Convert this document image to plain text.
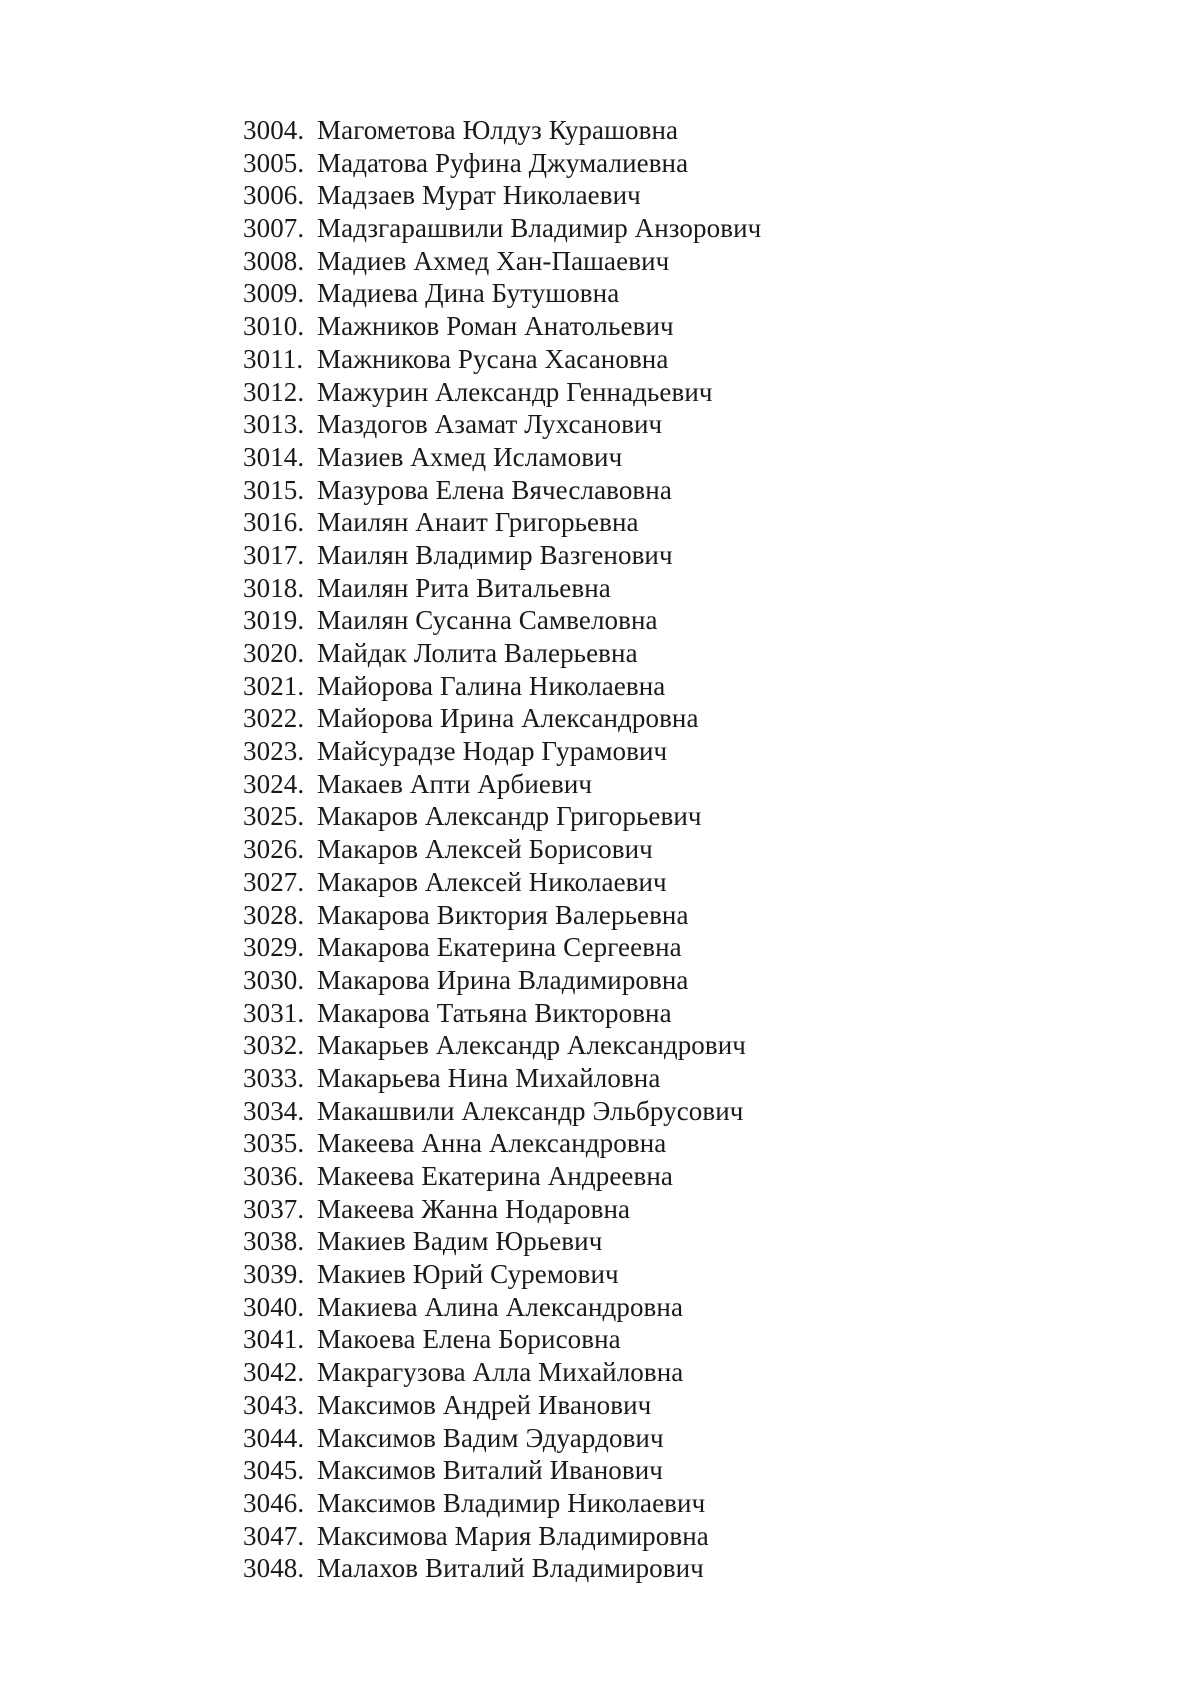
3004. Магометова Юлдуз Курашовна
3005. Мадатова Руфина Джумалиевна
3006. Мадзаев Мурат Николаевич
3007. Мадзгарашвили Владимир Анзорович
3008. Мадиев Ахмед Хан-Пашаевич
3009. Мадиева Дина Бутушовна
3010. Мажников Роман Анатольевич
3011. Мажникова Русана Хасановна
3012. Мажурин Александр Геннадьевич
3013. Маздогов Азамат Лухсанович
3014. Мазиев Ахмед Исламович
3015. Мазурова Елена Вячеславовна
3016. Маилян Анаит Григорьевна
3017. Маилян Владимир Вазгенович
3018. Маилян Рита Витальевна
3019. Маилян Сусанна Самвеловна
3020. Майдак Лолита Валерьевна
3021. Майорова Галина Николаевна
3022. Майорова Ирина Александровна
3023. Майсурадзе Нодар Гурамович
3024. Макаев Апти Арбиевич
3025. Макаров Александр Григорьевич
3026. Макаров Алексей Борисович
3027. Макаров Алексей Николаевич
3028. Макарова Виктория Валерьевна
3029. Макарова Екатерина Сергеевна
3030. Макарова Ирина Владимировна
3031. Макарова Татьяна Викторовна
3032. Макарьев Александр Александрович
3033. Макарьева Нина Михайловна
3034. Макашвили Александр Эльбрусович
3035. Макеева Анна Александровна
3036. Макеева Екатерина Андреевна
3037. Макеева Жанна Нодаровна
3038. Макиев Вадим Юрьевич
3039. Макиев Юрий Суремович
3040. Макиева Алина Александровна
3041. Макоева Елена Борисовна
3042. Макрагузова Алла Михайловна
3043. Максимов Андрей Иванович
3044. Максимов Вадим Эдуардович
3045. Максимов Виталий Иванович
3046. Максимов Владимир Николаевич
3047. Максимова Мария Владимировна
3048. Малахов Виталий Владимирович
